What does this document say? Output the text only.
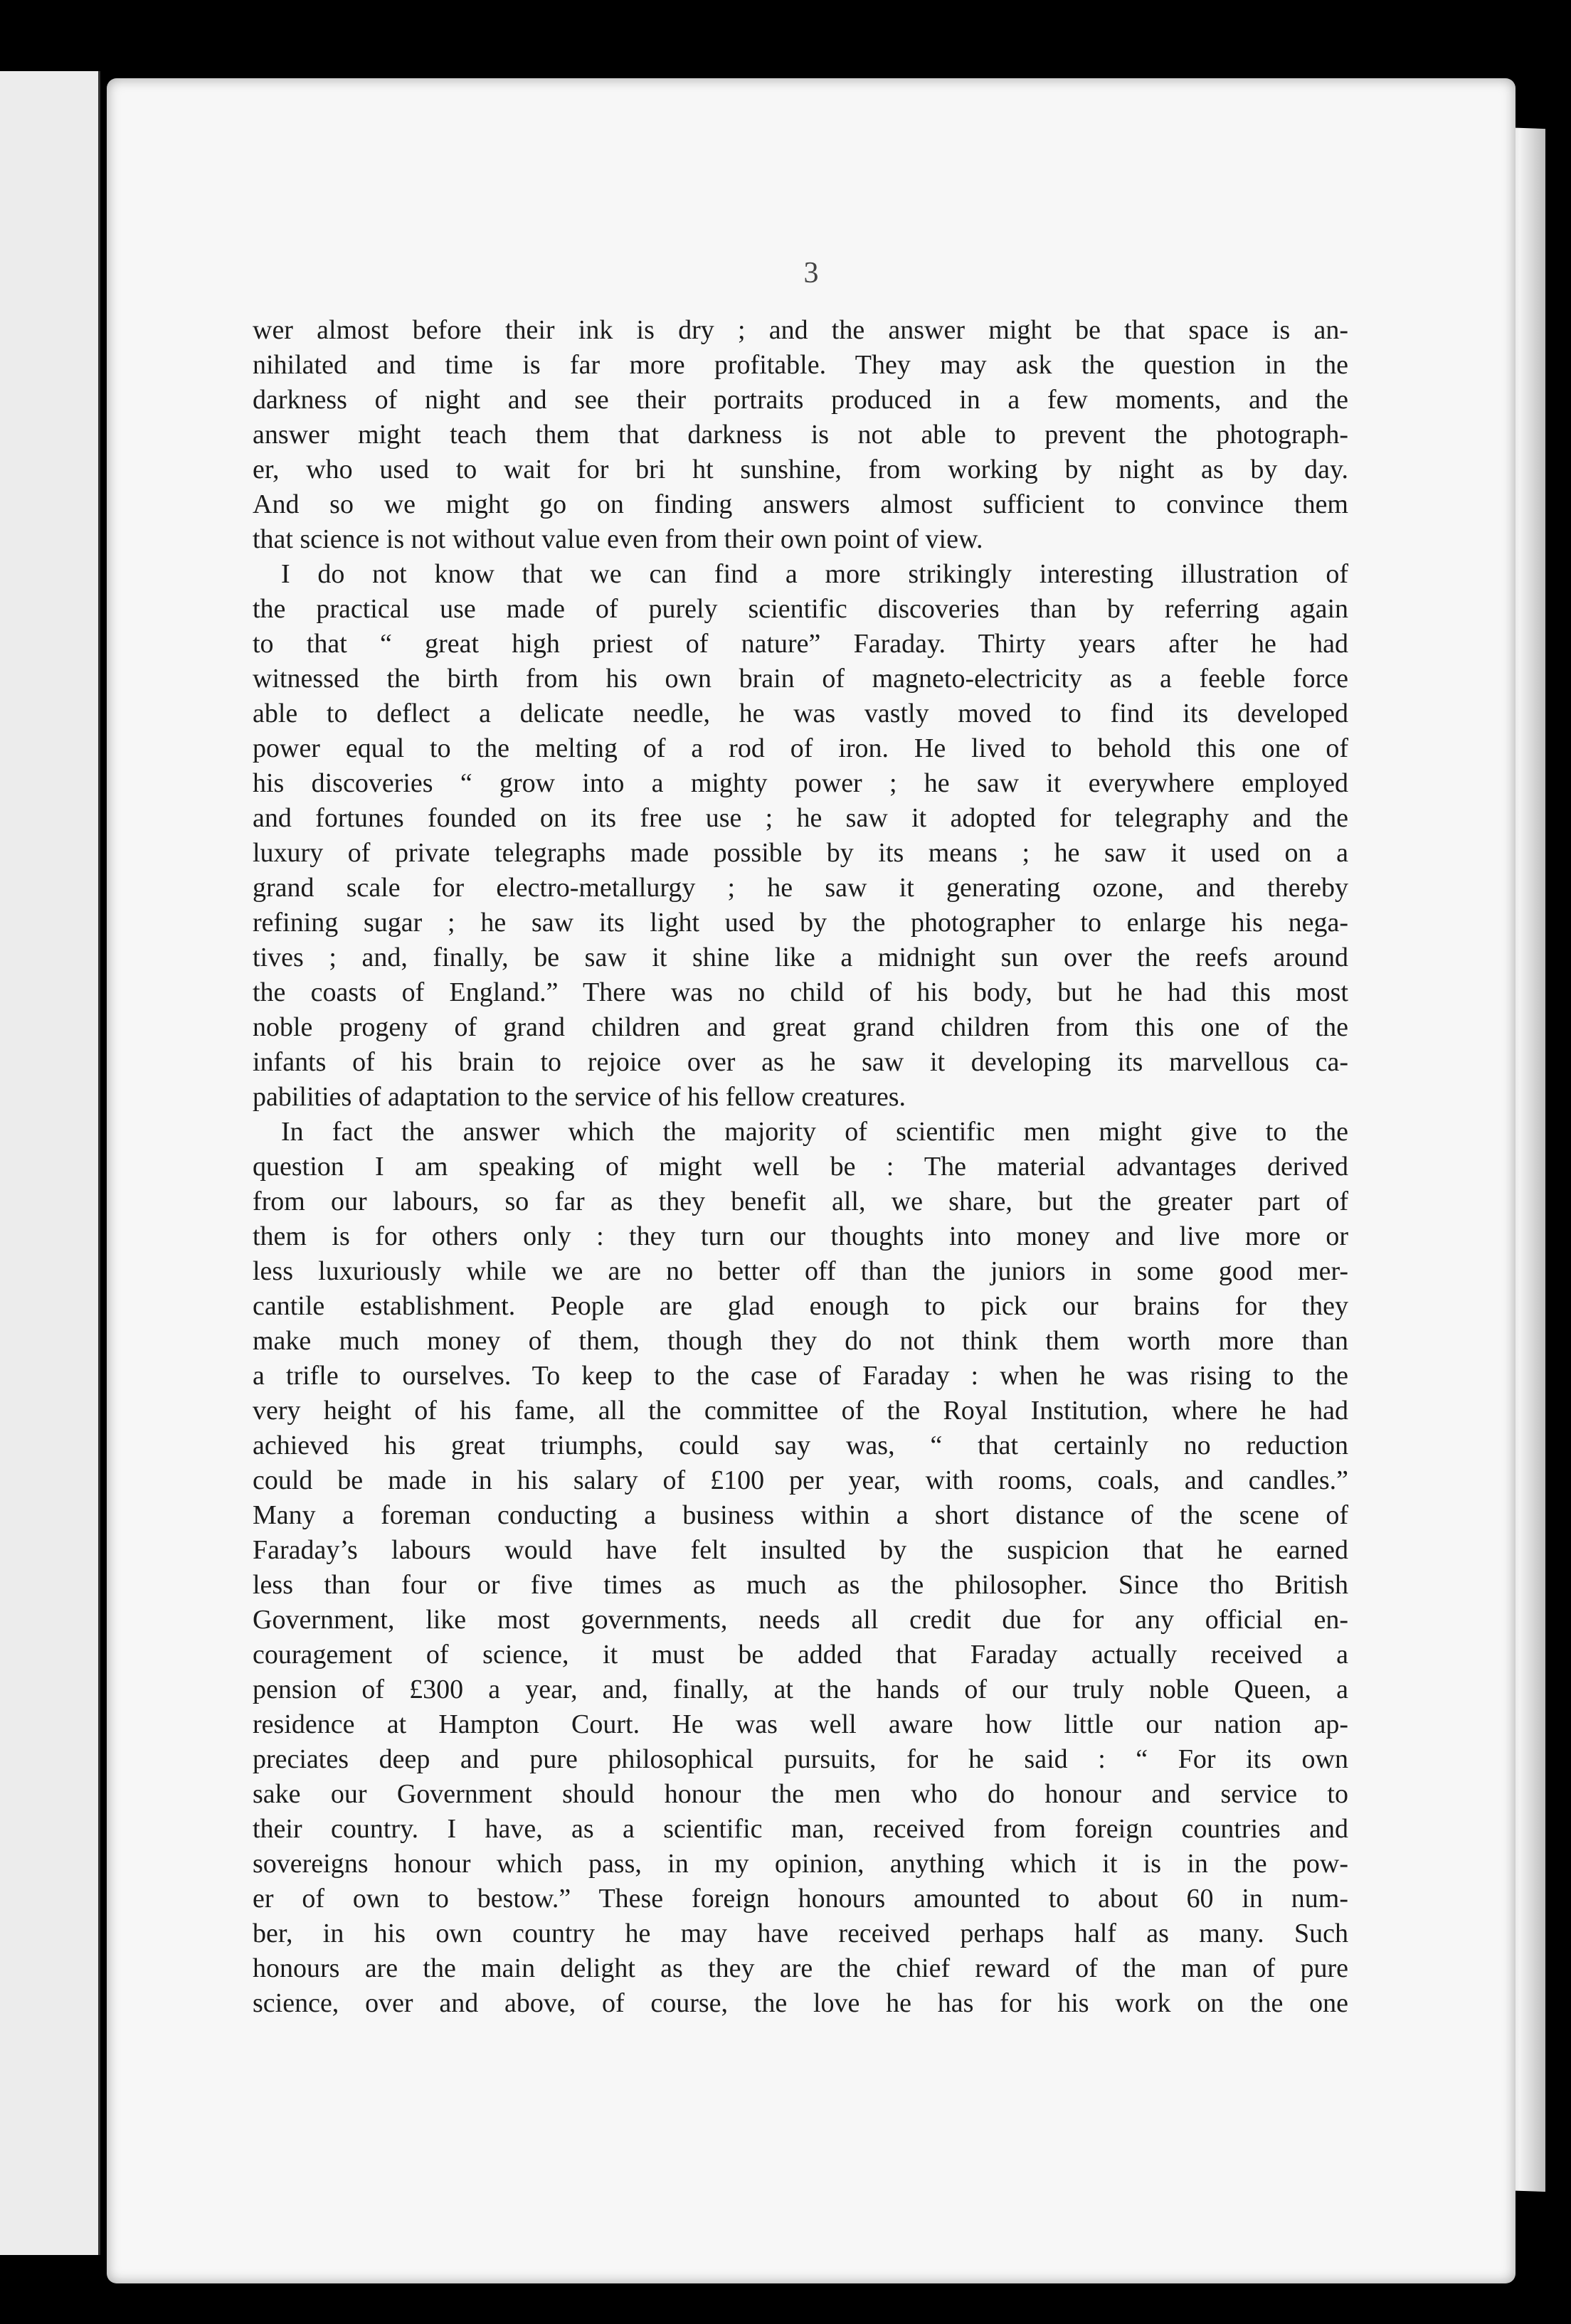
3
wer almost before their ink is dry ; and the answer might be that space is an-
nihilated and time is far more profitable. They may ask the question in the
darkness of night and see their portraits produced in a few moments, and the
answer might teach them that darkness is not able to prevent the photograph-
er, who used to wait for bri ht sunshine, from working by night as by day.
And so we might go on finding answers almost sufficient to convince them
that science is not without value even from their own point of view.
I do not know that we can find a more strikingly interesting illustration of
the practical use made of purely scientific discoveries than by referring again
to that “ great high priest of nature” Faraday. Thirty years after he had
witnessed the birth from his own brain of magneto-electricity as a feeble force
able to deflect a delicate needle, he was vastly moved to find its developed
power equal to the melting of a rod of iron. He lived to behold this one of
his discoveries “ grow into a mighty power ; he saw it everywhere employed
and fortunes founded on its free use ; he saw it adopted for telegraphy and the
luxury of private telegraphs made possible by its means ; he saw it used on a
grand scale for electro-metallurgy ; he saw it generating ozone, and thereby
refining sugar ; he saw its light used by the photographer to enlarge his nega-
tives ; and, finally, be saw it shine like a midnight sun over the reefs around
the coasts of England.” There was no child of his body, but he had this most
noble progeny of grand children and great grand children from this one of the
infants of his brain to rejoice over as he saw it developing its marvellous ca-
pabilities of adaptation to the service of his fellow creatures.
In fact the answer which the majority of scientific men might give to the
question I am speaking of might well be : The material advantages derived
from our labours, so far as they benefit all, we share, but the greater part of
them is for others only : they turn our thoughts into money and live more or
less luxuriously while we are no better off than the juniors in some good mer-
cantile establishment. People are glad enough to pick our brains for they
make much money of them, though they do not think them worth more than
a trifle to ourselves. To keep to the case of Faraday : when he was rising to the
very height of his fame, all the committee of the Royal Institution, where he had
achieved his great triumphs, could say was, “ that certainly no reduction
could be made in his salary of £100 per year, with rooms, coals, and candles.”
Many a foreman conducting a business within a short distance of the scene of
Faraday’s labours would have felt insulted by the suspicion that he earned
less than four or five times as much as the philosopher. Since tho British
Government, like most governments, needs all credit due for any official en-
couragement of science, it must be added that Faraday actually received a
pension of £300 a year, and, finally, at the hands of our truly noble Queen, a
residence at Hampton Court. He was well aware how little our nation ap-
preciates deep and pure philosophical pursuits, for he said : “ For its own
sake our Government should honour the men who do honour and service to
their country. I have, as a scientific man, received from foreign countries and
sovereigns honour which pass, in my opinion, anything which it is in the pow-
er of own to bestow.” These foreign honours amounted to about 60 in num-
ber, in his own country he may have received perhaps half as many. Such
honours are the main delight as they are the chief reward of the man of pure
science, over and above, of course, the love he has for his work on the one
